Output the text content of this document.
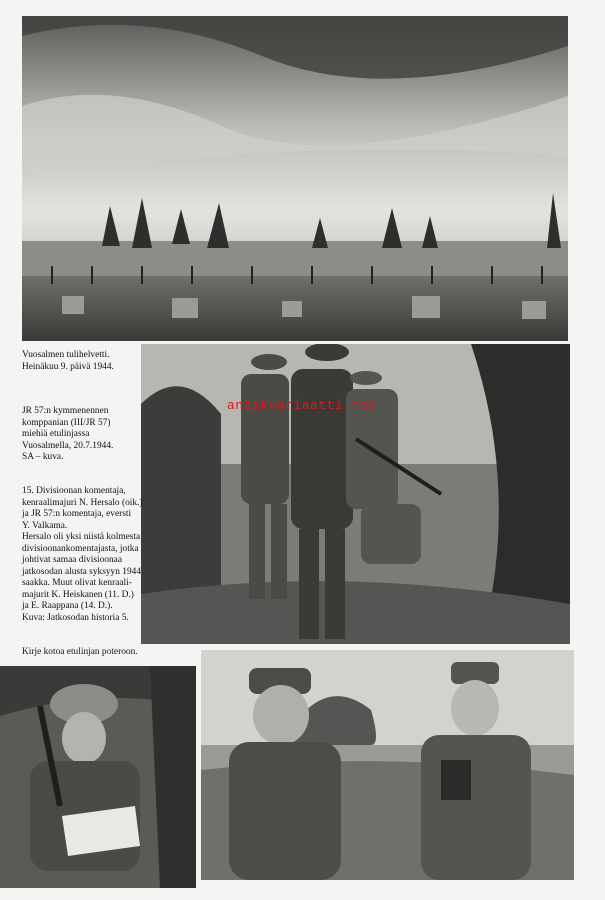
Vuosalmen tulihelvetti.
Heinäkuu 9. päivä 1944.
antikvariaatti.net
JR 57:n kymmenennen
komppanian (III/JR 57)
miehiä etulinjassa
Vuosalmella, 20.7.1944.
SA – kuva.
15. Divisioonan komentaja,
kenraalimajuri N. Hersalo (oik.)
ja JR 57:n komentaja, eversti
Y. Valkama.
Hersalo oli yksi niistä kolmesta
divisioonankomentajasta, jotka
johtivat samaa divisioonaa
jatkosodan alusta syksyyn 1944
saakka. Muut olivat kenraali-
majurit K. Heiskanen (11. D.)
ja E. Raappana (14. D.).
Kuva: Jatkosodan historia 5.
Kirje kotoa etulinjan poteroon.
